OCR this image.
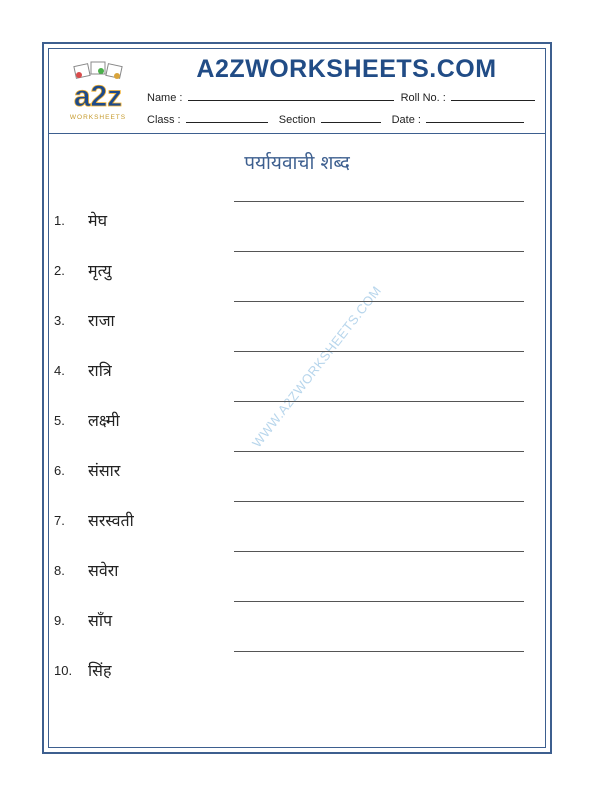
a2z
WORKSHEETS
A2ZWORKSHEETS.COM
Name :	Roll No. :
Class :	Section	Date :
पर्यायवाची शब्द
WWW.A2ZWORKSHEETS.COM
1.	मेघ
2.	मृत्यु
3.	राजा
4.	रात्रि
5.	लक्ष्मी
6.	संसार
7.	सरस्वती
8.	सवेरा
9.	साँप
10. सिंह
